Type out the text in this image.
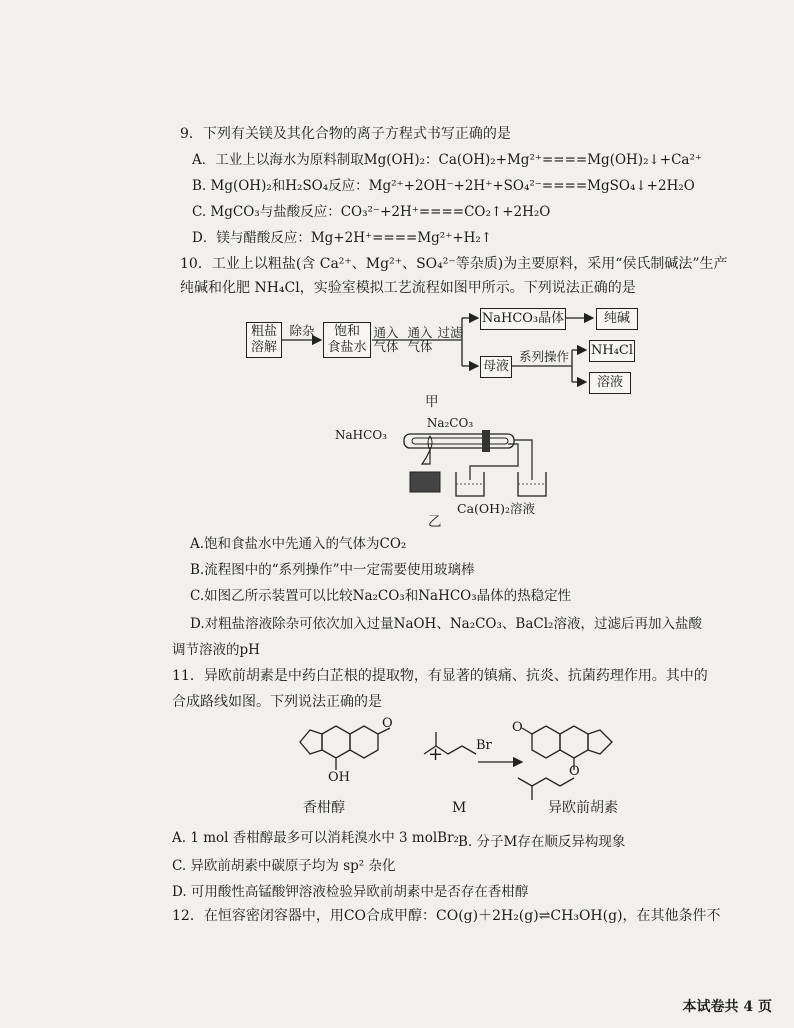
9．下列有关镁及其化合物的离子方程式书写正确的是
A．工业上以海水为原料制取Mg(OH)₂：Ca(OH)₂+Mg²⁺====Mg(OH)₂↓+Ca²⁺
B. Mg(OH)₂和H₂SO₄反应：Mg²⁺+2OH⁻+2H⁺+SO₄²⁻====MgSO₄↓+2H₂O
C. MgCO₃与盐酸反应：CO₃²⁻+2H⁺====CO₂↑+2H₂O
D．镁与醋酸反应：Mg+2H⁺====Mg²⁺+H₂↑
10．工业上以粗盐(含 Ca²⁺、Mg²⁺、SO₄²⁻等杂质)为主要原料，采用“侯氏制碱法”生产
纯碱和化肥 NH₄Cl，实验室模拟工艺流程如图甲所示。下列说法正确的是
粗盐
溶解
除杂	饱和
食盐水
通入
气体
通入
气体
过滤
NaHCO₃晶体	纯碱
母液
系列操作 NH₄Cl
溶液
甲
Na₂CO₃
NaHCO₃
Ca(OH)₂溶液
乙
A.饱和食盐水中先通入的气体为CO₂
B.流程图中的“系列操作”中一定需要使用玻璃棒
C.如图乙所示装置可以比较Na₂CO₃和NaHCO₃晶体的热稳定性
D.对粗盐溶液除杂可依次加入过量NaOH、Na₂CO₃、BaCl₂溶液，过滤后再加入盐酸
调节溶液的pH
11．异欧前胡素是中药白芷根的提取物，有显著的镇痛、抗炎、抗菌药理作用。其中的
合成路线如图。下列说法正确的是
O
OH
+	Br
O
O
香柑醇	M	异欧前胡素
A. 1 mol 香柑醇最多可以消耗溴水中 3 molBr₂ B. 分子M存在顺反异构现象
C. 异欧前胡素中碳原子均为 sp² 杂化
D. 可用酸性高锰酸钾溶液检验异欧前胡素中是否存在香柑醇
12．在恒容密闭容器中，用CO合成甲醇：CO(g)＋2H₂(g)⇌CH₃OH(g)，在其他条件不
本试卷共 4 页
